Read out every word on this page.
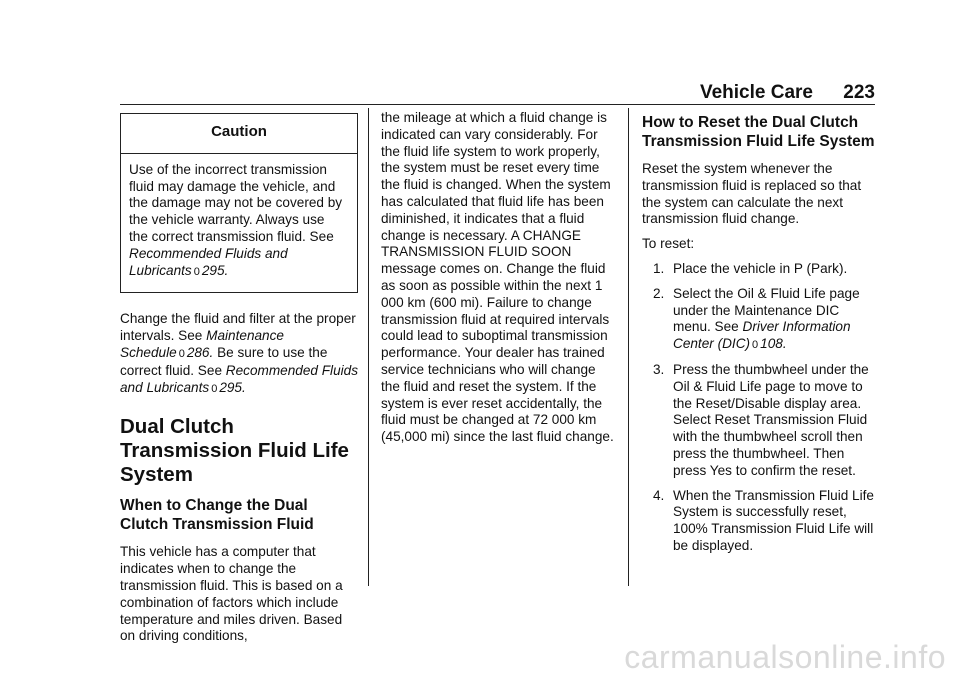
Vehicle Care 223
Caution

Use of the incorrect transmission fluid may damage the vehicle, and the damage may not be covered by the vehicle warranty. Always use the correct transmission fluid. See Recommended Fluids and Lubricants 0 295.

Change the fluid and filter at the proper intervals. See Maintenance Schedule 0 286. Be sure to use the correct fluid. See Recommended Fluids and Lubricants 0 295.

Dual Clutch Transmission Fluid Life System
When to Change the Dual Clutch Transmission Fluid

This vehicle has a computer that indicates when to change the transmission fluid. This is based on a combination of factors which include temperature and miles driven. Based on driving conditions,

the mileage at which a fluid change is indicated can vary considerably. For the fluid life system to work properly, the system must be reset every time the fluid is changed. When the system has calculated that fluid life has been diminished, it indicates that a fluid change is necessary. A CHANGE TRANSMISSION FLUID SOON message comes on. Change the fluid as soon as possible within the next 1 000 km (600 mi). Failure to change transmission fluid at required intervals could lead to suboptimal transmission performance. Your dealer has trained service technicians who will change the fluid and reset the system. If the system is ever reset accidentally, the fluid must be changed at 72 000 km (45,000 mi) since the last fluid change.

How to Reset the Dual Clutch Transmission Fluid Life System

Reset the system whenever the transmission fluid is replaced so that the system can calculate the next transmission fluid change.

To reset:

1. Place the vehicle in P (Park).
2. Select the Oil & Fluid Life page under the Maintenance DIC menu. See Driver Information Center (DIC) 0 108.
3. Press the thumbwheel under the Oil & Fluid Life page to move to the Reset/Disable display area. Select Reset Transmission Fluid with the thumbwheel scroll then press the thumbwheel. Then press Yes to confirm the reset.
4. When the Transmission Fluid Life System is successfully reset, 100% Transmission Fluid Life will be displayed.
carmanualsonline.info
